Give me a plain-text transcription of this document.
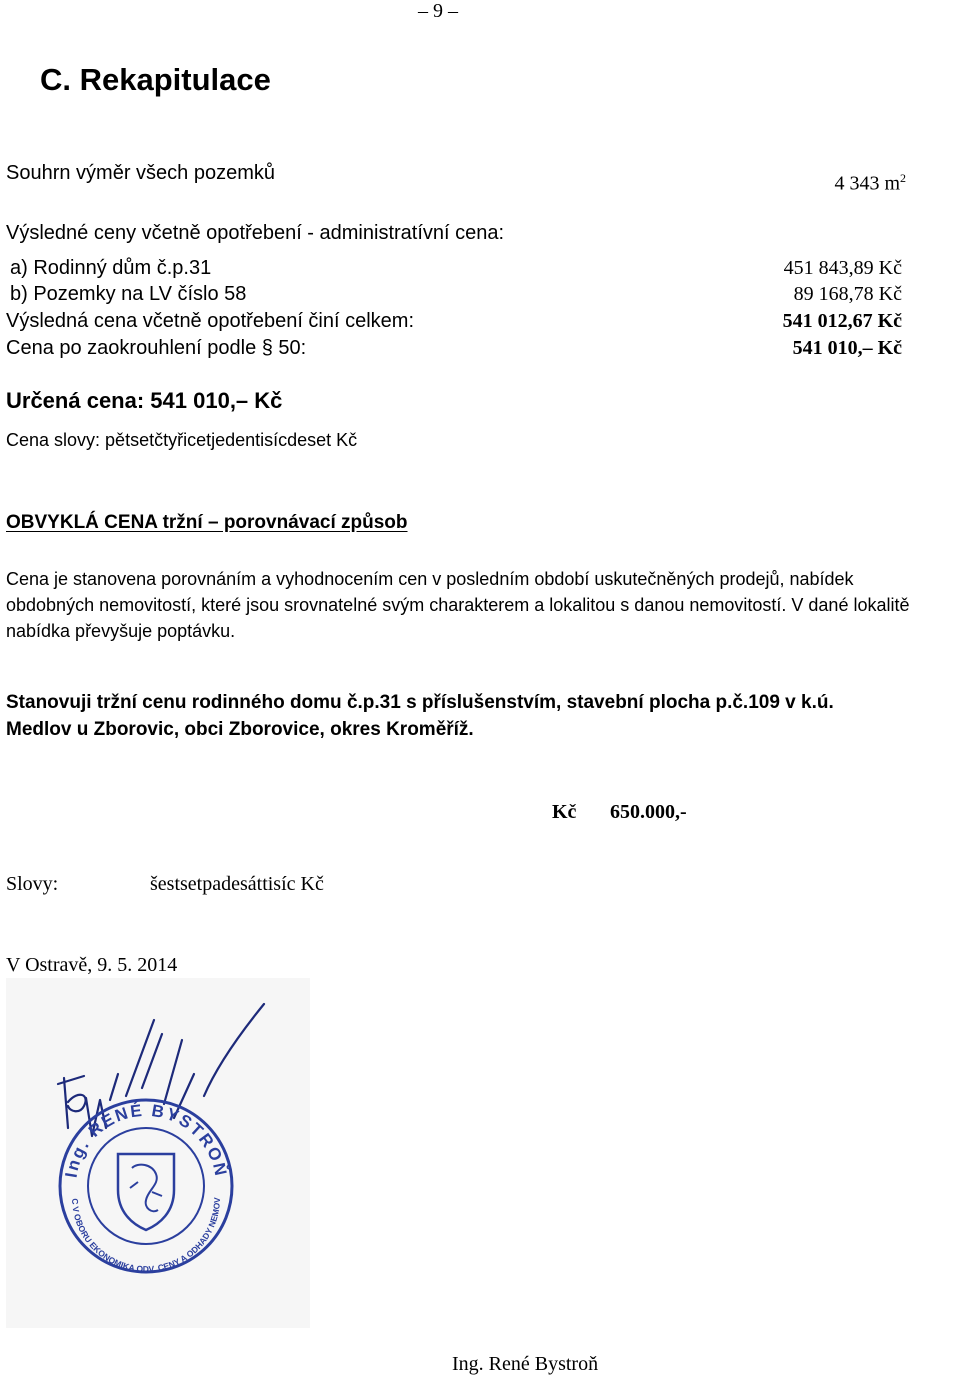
– 9 –
C. Rekapitulace
Souhrn výměr všech pozemků	4 343 $m^2$
Výsledné ceny včetně opotřebení - administratívní cena:
a) Rodinný dům č.p.31	451 843,89 Kč
b) Pozemky na LV číslo 58	89 168,78 Kč
Výsledná cena včetně opotřebení činí celkem:	541 012,67 Kč
Cena po zaokrouhlení podle § 50:	541 010,– Kč
Určená cena: 541 010,– Kč
Cena slovy: pětsetčtyřicetjedentisícdeset Kč
OBVYKLÁ CENA tržní – porovnávací způsob
Cena je stanovena porovnáním a vyhodnocením cen v posledním období uskutečněných prodejů, nabídek obdobných nemovitostí, které jsou srovnatelné svým charakterem a lokalitou s danou nemovitostí. V dané lokalitě nabídka převyšuje poptávku.
Stanovuji tržní cenu rodinného domu č.p.31 s příslušenstvím, stavební plocha p.č.109 v k.ú.
Medlov u Zborovic, obci Zborovice, okres Kroměříž.
Kč 650.000,-
Slovy:	šestsetpadesáttisíc Kč
V Ostravě, 9. 5. 2014
Ing. RENÉ BYSTROŇ
C V OBORU EKONOMIKA ODV. CENY A ODHADY NEMOV
Ing. René Bystroň
